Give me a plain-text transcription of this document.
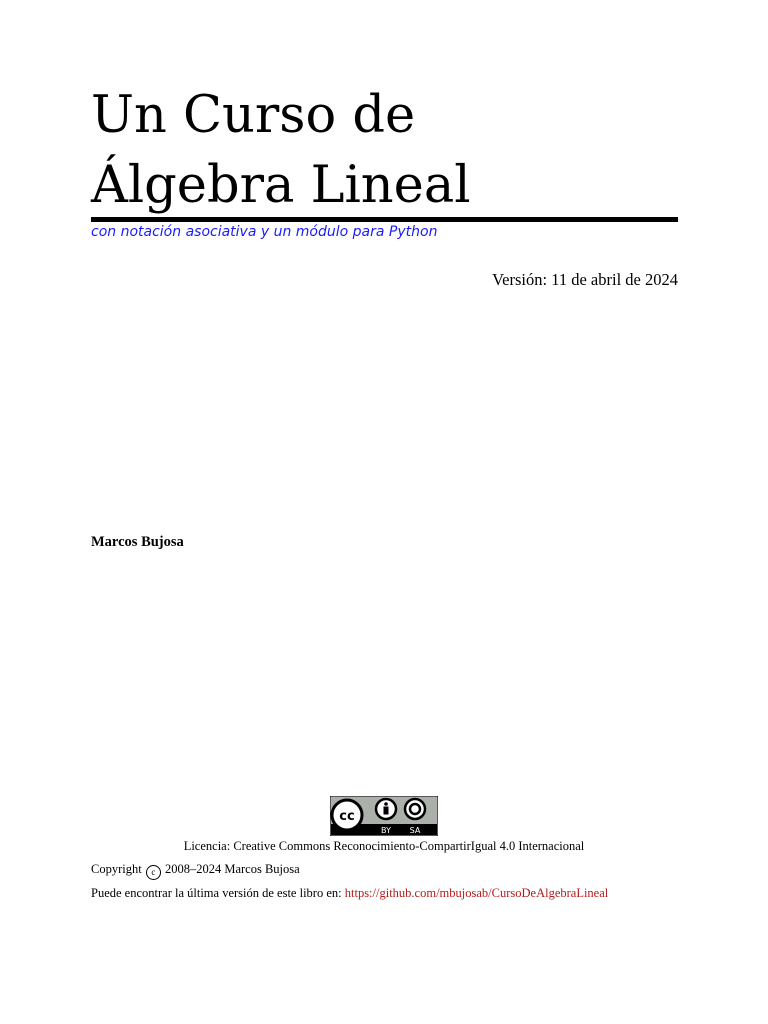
Un Curso de
Álgebra Lineal
con notación asociativa y un módulo para Python
Versión: 11 de abril de 2024
Marcos Bujosa
cc
BY SA
Licencia: Creative Commons Reconocimiento-CompartirIgual 4.0 Internacional
Copyright c 2008–2024 Marcos Bujosa
Puede encontrar la última versión de este libro en: https://github.com/mbujosab/CursoDeAlgebraLineal
